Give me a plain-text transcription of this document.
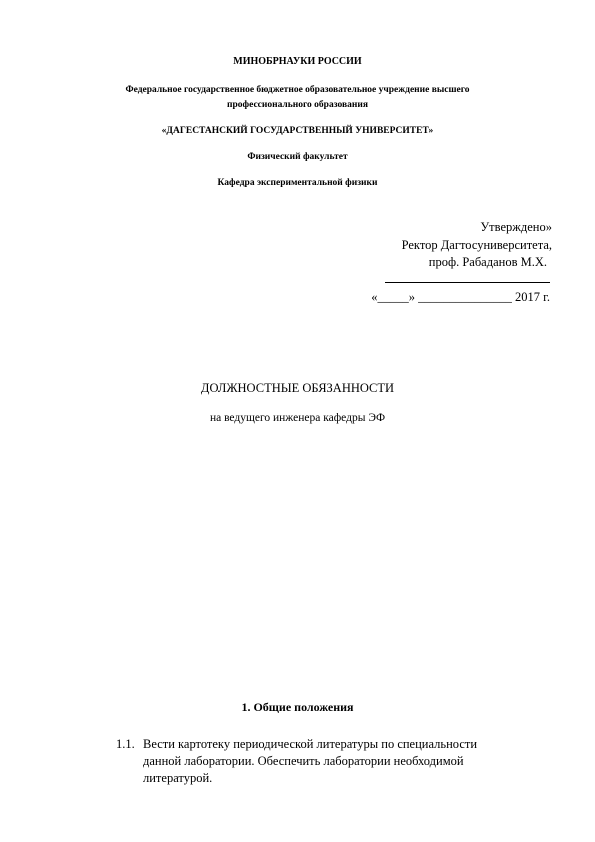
МИНОБРНАУКИ РОССИИ
Федеральное государственное бюджетное образовательное учреждение высшего
профессионального образования
«ДАГЕСТАНСКИЙ ГОСУДАРСТВЕННЫЙ УНИВЕРСИТЕТ»
Физический факультет
Кафедра экспериментальной физики
Утверждено»
Ректор Дагтосуниверситета,
проф. Рабаданов М.Х.
«_____» _______________ 2017 г.
ДОЛЖНОСТНЫЕ ОБЯЗАННОСТИ
на ведущего инженера кафедры ЭФ
1. Общие положения
1.1. Вести картотеку периодической литературы по специальности
данной лаборатории. Обеспечить лаборатории необходимой
литературой.
